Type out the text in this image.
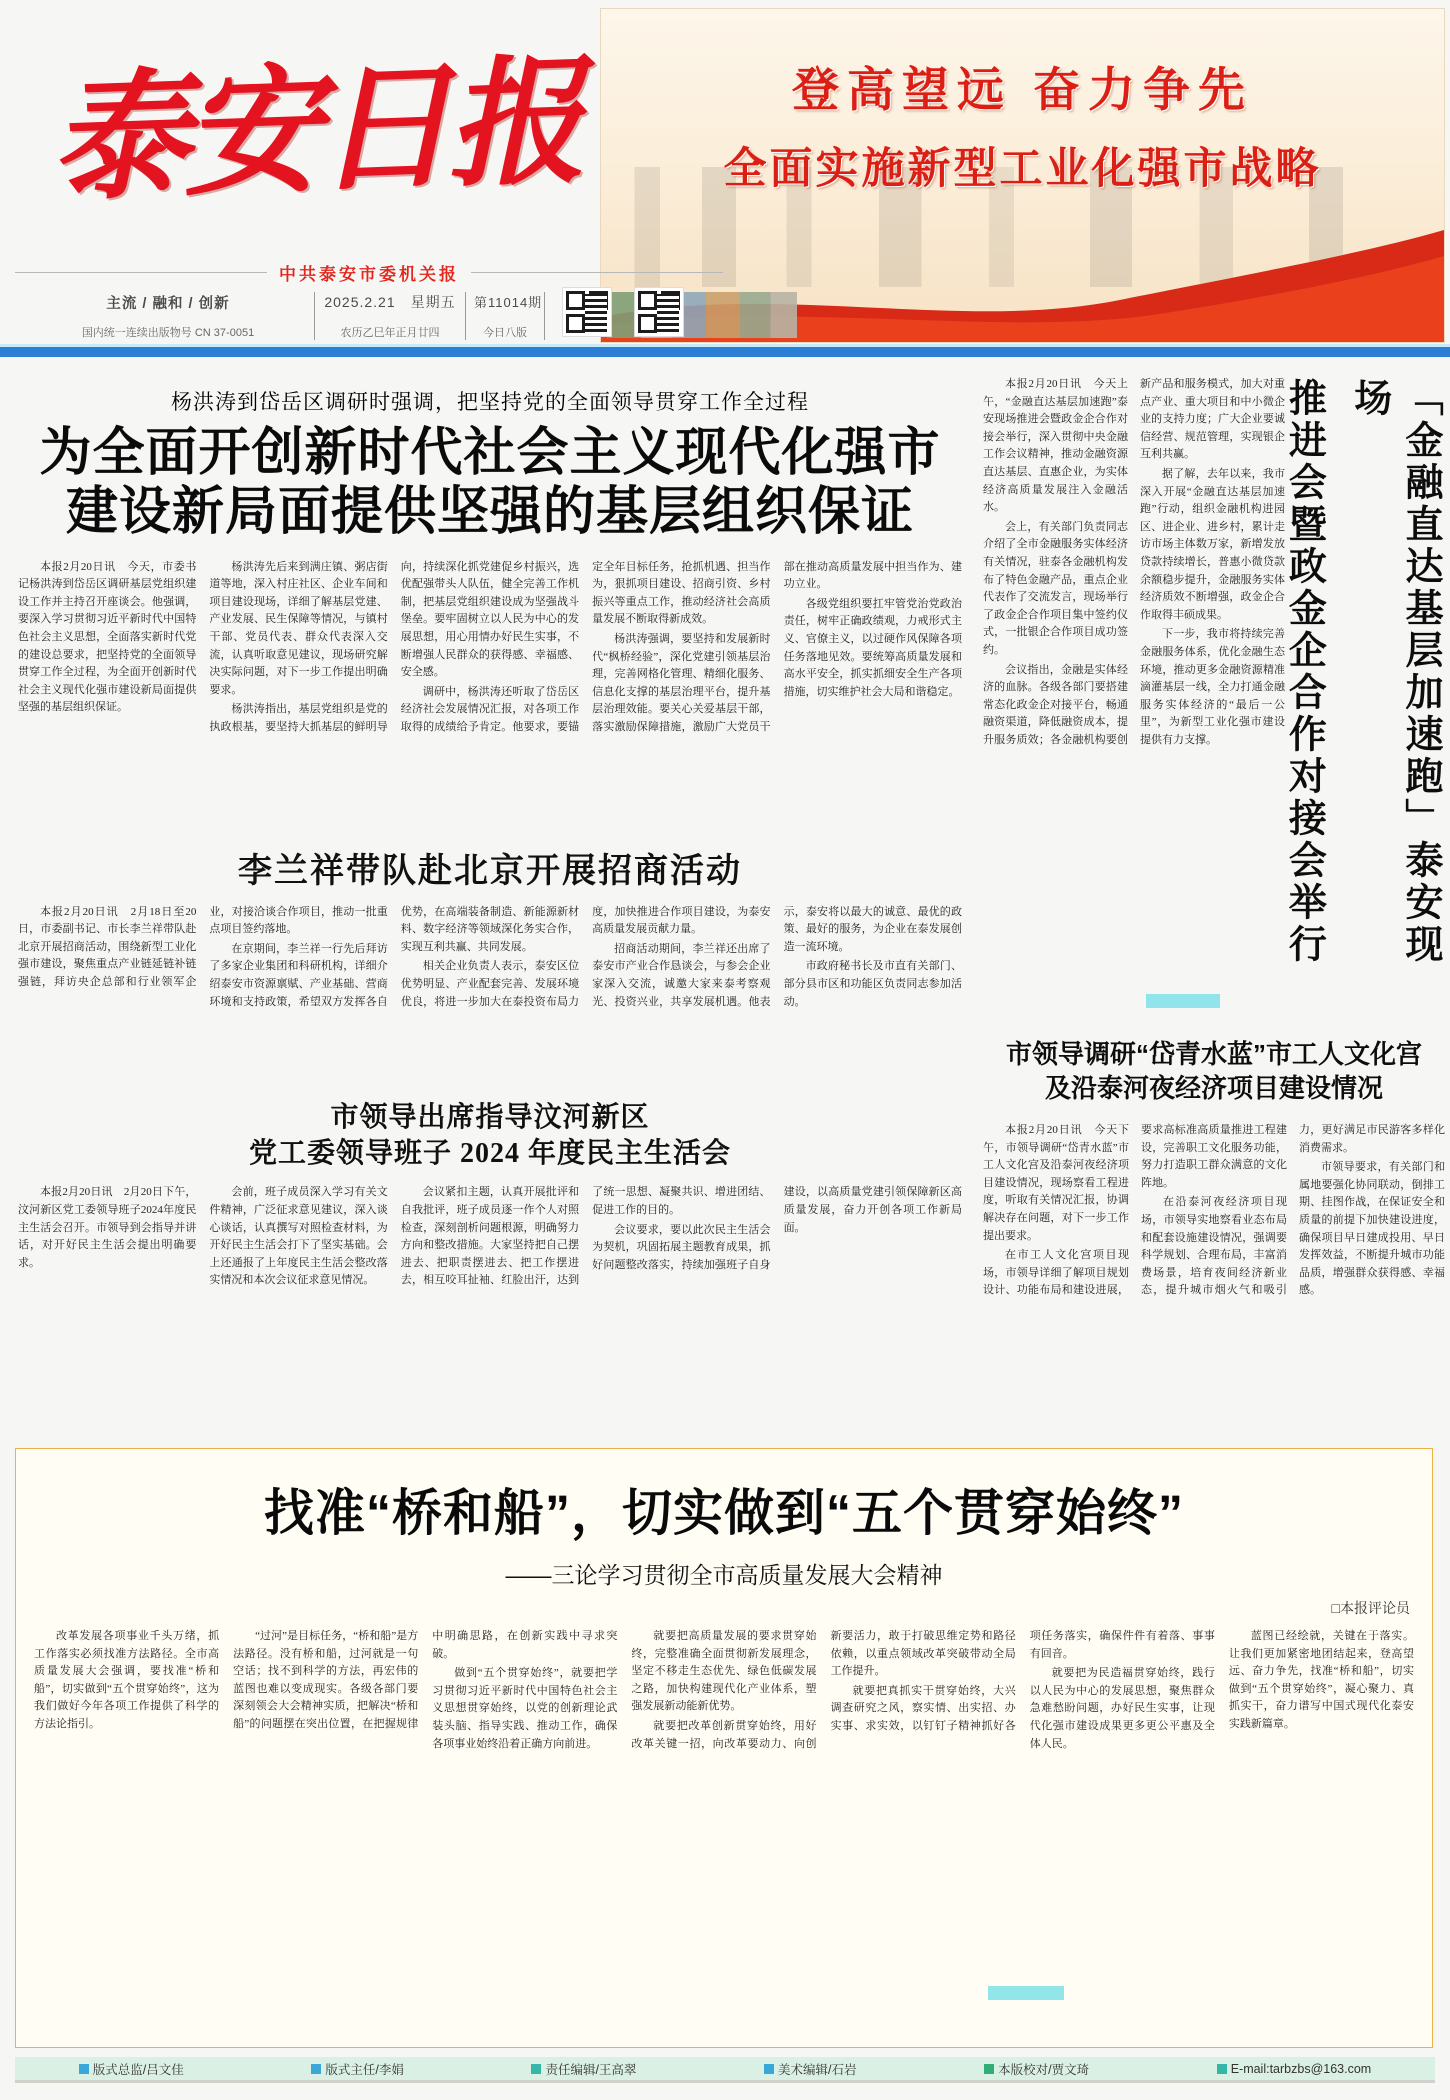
泰安日报	登高望远 奋力争先
全面实施新型工业化强市战略
中共泰安市委机关报
主流 / 融和 / 创新
国内统一连续出版物号 CN 37-0051
2025.2.21　星期五
农历乙巳年正月廿四
第11014期
今日八版
杨洪涛到岱岳区调研时强调，把坚持党的全面领导贯穿工作全过程
为全面开创新时代社会主义现代化强市
建设新局面提供坚强的基层组织保证

本报2月20日讯　今天，市委书记杨洪涛到岱岳区调研基层党组织建设工作并主持召开座谈会。他强调，要深入学习贯彻习近平新时代中国特色社会主义思想，全面落实新时代党的建设总要求，把坚持党的全面领导贯穿工作全过程，为全面开创新时代社会主义现代化强市建设新局面提供坚强的基层组织保证。

杨洪涛先后来到满庄镇、粥店街道等地，深入村庄社区、企业车间和项目建设现场，详细了解基层党建、产业发展、民生保障等情况，与镇村干部、党员代表、群众代表深入交流，认真听取意见建议，现场研究解决实际问题，对下一步工作提出明确要求。

杨洪涛指出，基层党组织是党的执政根基，要坚持大抓基层的鲜明导向，持续深化抓党建促乡村振兴，选优配强带头人队伍，健全完善工作机制，把基层党组织建设成为坚强战斗堡垒。要牢固树立以人民为中心的发展思想，用心用情办好民生实事，不断增强人民群众的获得感、幸福感、安全感。

调研中，杨洪涛还听取了岱岳区经济社会发展情况汇报，对各项工作取得的成绩给予肯定。他要求，要锚定全年目标任务，抢抓机遇、担当作为，狠抓项目建设、招商引资、乡村振兴等重点工作，推动经济社会高质量发展不断取得新成效。

杨洪涛强调，要坚持和发展新时代“枫桥经验”，深化党建引领基层治理，完善网格化管理、精细化服务、信息化支撑的基层治理平台，提升基层治理效能。要关心关爱基层干部，落实激励保障措施，激励广大党员干部在推动高质量发展中担当作为、建功立业。

各级党组织要扛牢管党治党政治责任，树牢正确政绩观，力戒形式主义、官僚主义，以过硬作风保障各项任务落地见效。要统筹高质量发展和高水平安全，抓实抓细安全生产各项措施，切实维护社会大局和谐稳定。

李兰祥带队赴北京开展招商活动

本报2月20日讯　2月18日至20日，市委副书记、市长李兰祥带队赴北京开展招商活动，围绕新型工业化强市建设，聚焦重点产业链延链补链强链，拜访央企总部和行业领军企业，对接洽谈合作项目，推动一批重点项目签约落地。

在京期间，李兰祥一行先后拜访了多家企业集团和科研机构，详细介绍泰安市资源禀赋、产业基础、营商环境和支持政策，希望双方发挥各自优势，在高端装备制造、新能源新材料、数字经济等领域深化务实合作，实现互利共赢、共同发展。

相关企业负责人表示，泰安区位优势明显、产业配套完善、发展环境优良，将进一步加大在泰投资布局力度，加快推进合作项目建设，为泰安高质量发展贡献力量。

招商活动期间，李兰祥还出席了泰安市产业合作恳谈会，与参会企业家深入交流，诚邀大家来泰考察观光、投资兴业，共享发展机遇。他表示，泰安将以最大的诚意、最优的政策、最好的服务，为企业在泰发展创造一流环境。

市政府秘书长及市直有关部门、部分县市区和功能区负责同志参加活动。

市领导出席指导汶河新区
党工委领导班子 2024 年度民主生活会

本报2月20日讯　2月20日下午，汶河新区党工委领导班子2024年度民主生活会召开。市领导到会指导并讲话，对开好民主生活会提出明确要求。

会前，班子成员深入学习有关文件精神，广泛征求意见建议，深入谈心谈话，认真撰写对照检查材料，为开好民主生活会打下了坚实基础。会上还通报了上年度民主生活会整改落实情况和本次会议征求意见情况。

会议紧扣主题，认真开展批评和自我批评，班子成员逐一作个人对照检查，深刻剖析问题根源，明确努力方向和整改措施。大家坚持把自己摆进去、把职责摆进去、把工作摆进去，相互咬耳扯袖、红脸出汗，达到了统一思想、凝聚共识、增进团结、促进工作的目的。

会议要求，要以此次民主生活会为契机，巩固拓展主题教育成果，抓好问题整改落实，持续加强班子自身建设，以高质量党建引领保障新区高质量发展，奋力开创各项工作新局面。

本报2月20日讯　今天上午，“金融直达基层加速跑”泰安现场推进会暨政金企合作对接会举行，深入贯彻中央金融工作会议精神，推动金融资源直达基层、直惠企业，为实体经济高质量发展注入金融活水。

会上，有关部门负责同志介绍了全市金融服务实体经济有关情况，驻泰各金融机构发布了特色金融产品，重点企业代表作了交流发言，现场举行了政金企合作项目集中签约仪式，一批银企合作项目成功签约。

会议指出，金融是实体经济的血脉。各级各部门要搭建常态化政金企对接平台，畅通融资渠道，降低融资成本，提升服务质效；各金融机构要创新产品和服务模式，加大对重点产业、重大项目和中小微企业的支持力度；广大企业要诚信经营、规范管理，实现银企互利共赢。

据了解，去年以来，我市深入开展“金融直达基层加速跑”行动，组织金融机构进园区、进企业、进乡村，累计走访市场主体数万家，新增发放贷款持续增长，普惠小微贷款余额稳步提升，金融服务实体经济质效不断增强，政金企合作取得丰硕成果。

下一步，我市将持续完善金融服务体系，优化金融生态环境，推动更多金融资源精准滴灌基层一线，全力打通金融服务实体经济的“最后一公里”，为新型工业化强市建设提供有力支撑。	「金融直达基层加速跑」泰安现场
推进会暨政金企合作对接会举行
市领导调研“岱青水蓝”市工人文化宫
及沿泰河夜经济项目建设情况

本报2月20日讯　今天下午，市领导调研“岱青水蓝”市工人文化宫及沿泰河夜经济项目建设情况，现场察看工程进度，听取有关情况汇报，协调解决存在问题，对下一步工作提出要求。

在市工人文化宫项目现场，市领导详细了解项目规划设计、功能布局和建设进展，要求高标准高质量推进工程建设，完善职工文化服务功能，努力打造职工群众满意的文化阵地。

在沿泰河夜经济项目现场，市领导实地察看业态布局和配套设施建设情况，强调要科学规划、合理布局，丰富消费场景，培育夜间经济新业态，提升城市烟火气和吸引力，更好满足市民游客多样化消费需求。

市领导要求，有关部门和属地要强化协同联动，倒排工期、挂图作战，在保证安全和质量的前提下加快建设进度，确保项目早日建成投用、早日发挥效益，不断提升城市功能品质，增强群众获得感、幸福感。

找准“桥和船”，切实做到“五个贯穿始终”
——三论学习贯彻全市高质量发展大会精神
□本报评论员

改革发展各项事业千头万绪，抓工作落实必须找准方法路径。全市高质量发展大会强调，要找准“桥和船”，切实做到“五个贯穿始终”，这为我们做好今年各项工作提供了科学的方法论指引。

“过河”是目标任务，“桥和船”是方法路径。没有桥和船，过河就是一句空话；找不到科学的方法，再宏伟的蓝图也难以变成现实。各级各部门要深刻领会大会精神实质，把解决“桥和船”的问题摆在突出位置，在把握规律中明确思路，在创新实践中寻求突破。

做到“五个贯穿始终”，就要把学习贯彻习近平新时代中国特色社会主义思想贯穿始终，以党的创新理论武装头脑、指导实践、推动工作，确保各项事业始终沿着正确方向前进。

就要把高质量发展的要求贯穿始终，完整准确全面贯彻新发展理念，坚定不移走生态优先、绿色低碳发展之路，加快构建现代化产业体系，塑强发展新动能新优势。

就要把改革创新贯穿始终，用好改革关键一招，向改革要动力、向创新要活力，敢于打破思维定势和路径依赖，以重点领域改革突破带动全局工作提升。

就要把真抓实干贯穿始终，大兴调查研究之风，察实情、出实招、办实事、求实效，以钉钉子精神抓好各项任务落实，确保件件有着落、事事有回音。

就要把为民造福贯穿始终，践行以人民为中心的发展思想，聚焦群众急难愁盼问题，办好民生实事，让现代化强市建设成果更多更公平惠及全体人民。

蓝图已经绘就，关键在于落实。让我们更加紧密地团结起来，登高望远、奋力争先，找准“桥和船”，切实做到“五个贯穿始终”，凝心聚力、真抓实干，奋力谱写中国式现代化泰安实践新篇章。

版式总监/吕文佳	版式主任/李娟	责任编辑/王高翠	美术编辑/石岩	本版校对/贾文琦	E-mail:tarbzbs@163.com
